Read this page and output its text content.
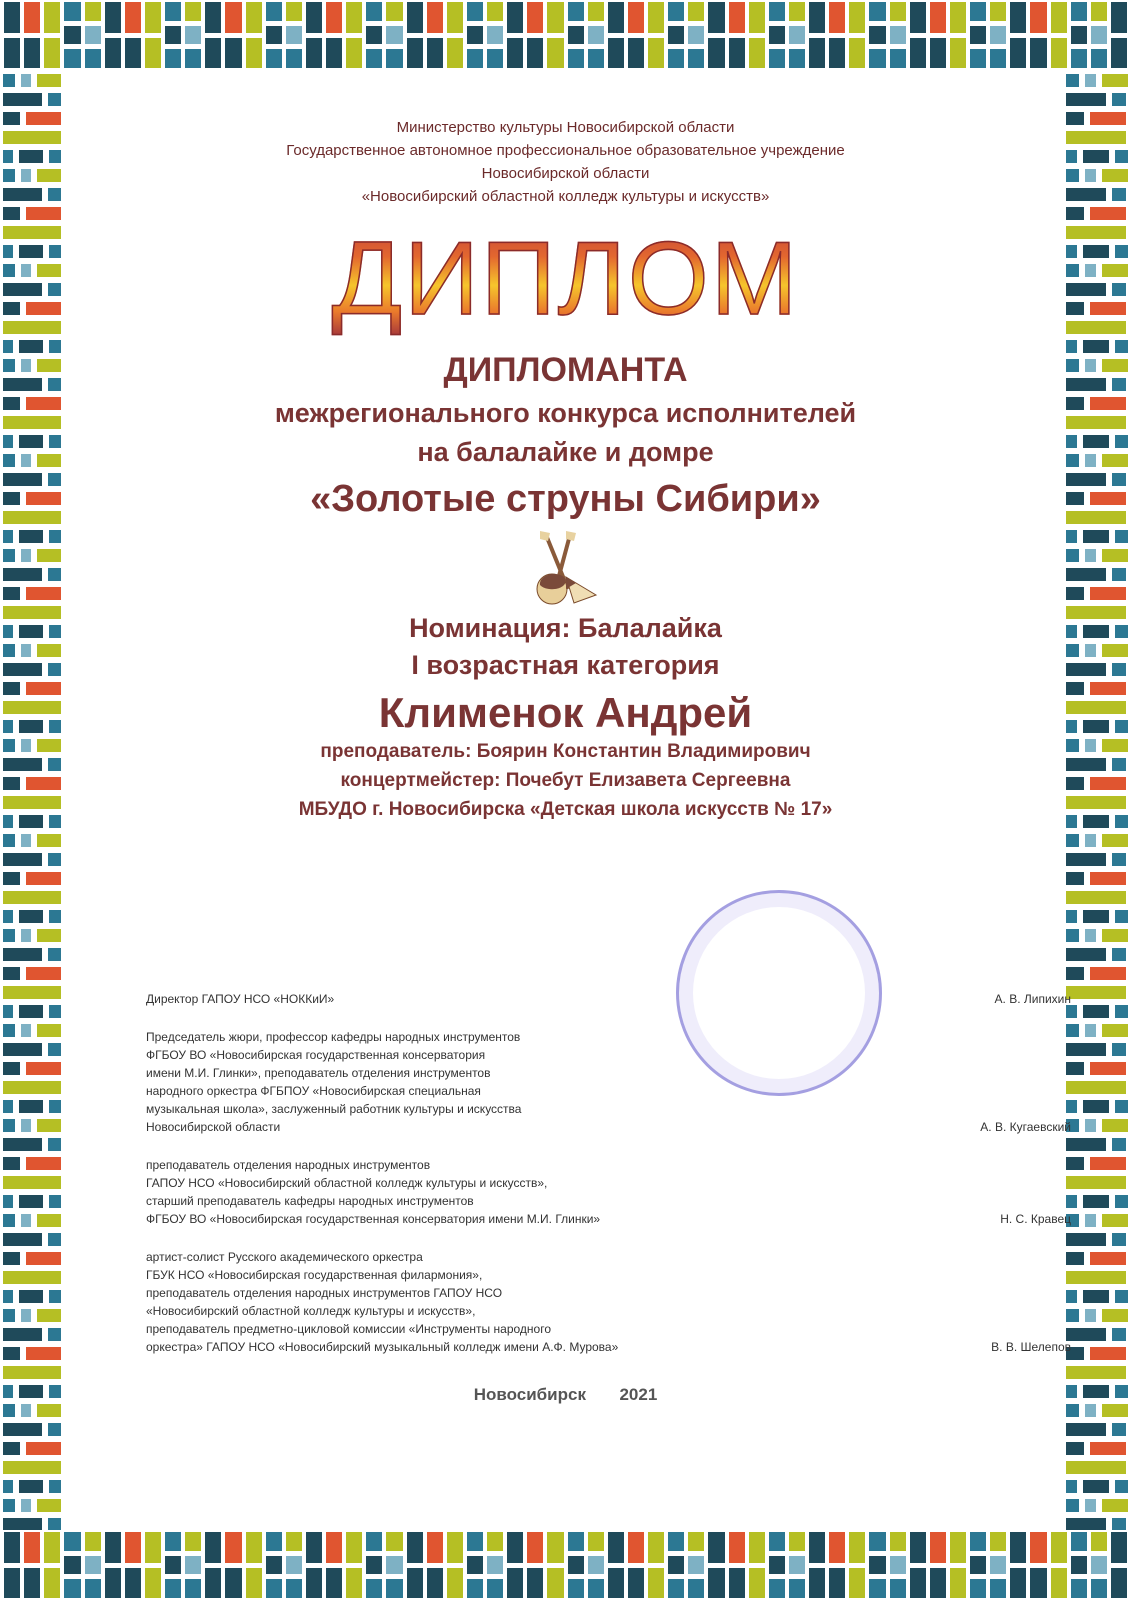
Министерство культуры Новосибирской области
Государственное автономное профессиональное образовательное учреждение
Новосибирской области
«Новосибирский областной колледж культуры и искусств»
ДИПЛОМ
ДИПЛОМАНТА
межрегионального конкурса исполнителей
на балалайке и домре
«Золотые струны Сибири»
Номинация: Балалайка
I возрастная категория
Клименок Андрей
преподаватель: Боярин Константин Владимирович
концертмейстер: Почебут Елизавета Сергеевна
МБУДО г. Новосибирска «Детская школа искусств № 17»
Директор ГАПОУ НСО «НОККиИ»	А. В. Липихин
Председатель жюри, профессор кафедры народных инструментов
ФГБОУ ВО «Новосибирская государственная консерватория
имени М.И. Глинки», преподаватель отделения инструментов
народного оркестра ФГБПОУ «Новосибирская специальная
музыкальная школа», заслуженный работник культуры и искусства
Новосибирской области	А. В. Кугаевский
преподаватель отделения народных инструментов
ГАПОУ НСО «Новосибирский областной колледж культуры и искусств»,
старший преподаватель кафедры народных инструментов
ФГБОУ ВО «Новосибирская государственная консерватория имени М.И. Глинки»	Н. С. Кравец
артист-солист Русского академического оркестра
ГБУК НСО «Новосибирская государственная филармония»,
преподаватель отделения народных инструментов ГАПОУ НСО
«Новосибирский областной колледж культуры и искусств»,
преподаватель предметно-цикловой комиссии «Инструменты народного
оркестра» ГАПОУ НСО «Новосибирский музыкальный колледж имени А.Ф. Мурова»	В. В. Шелепов
Новосибирск 2021
